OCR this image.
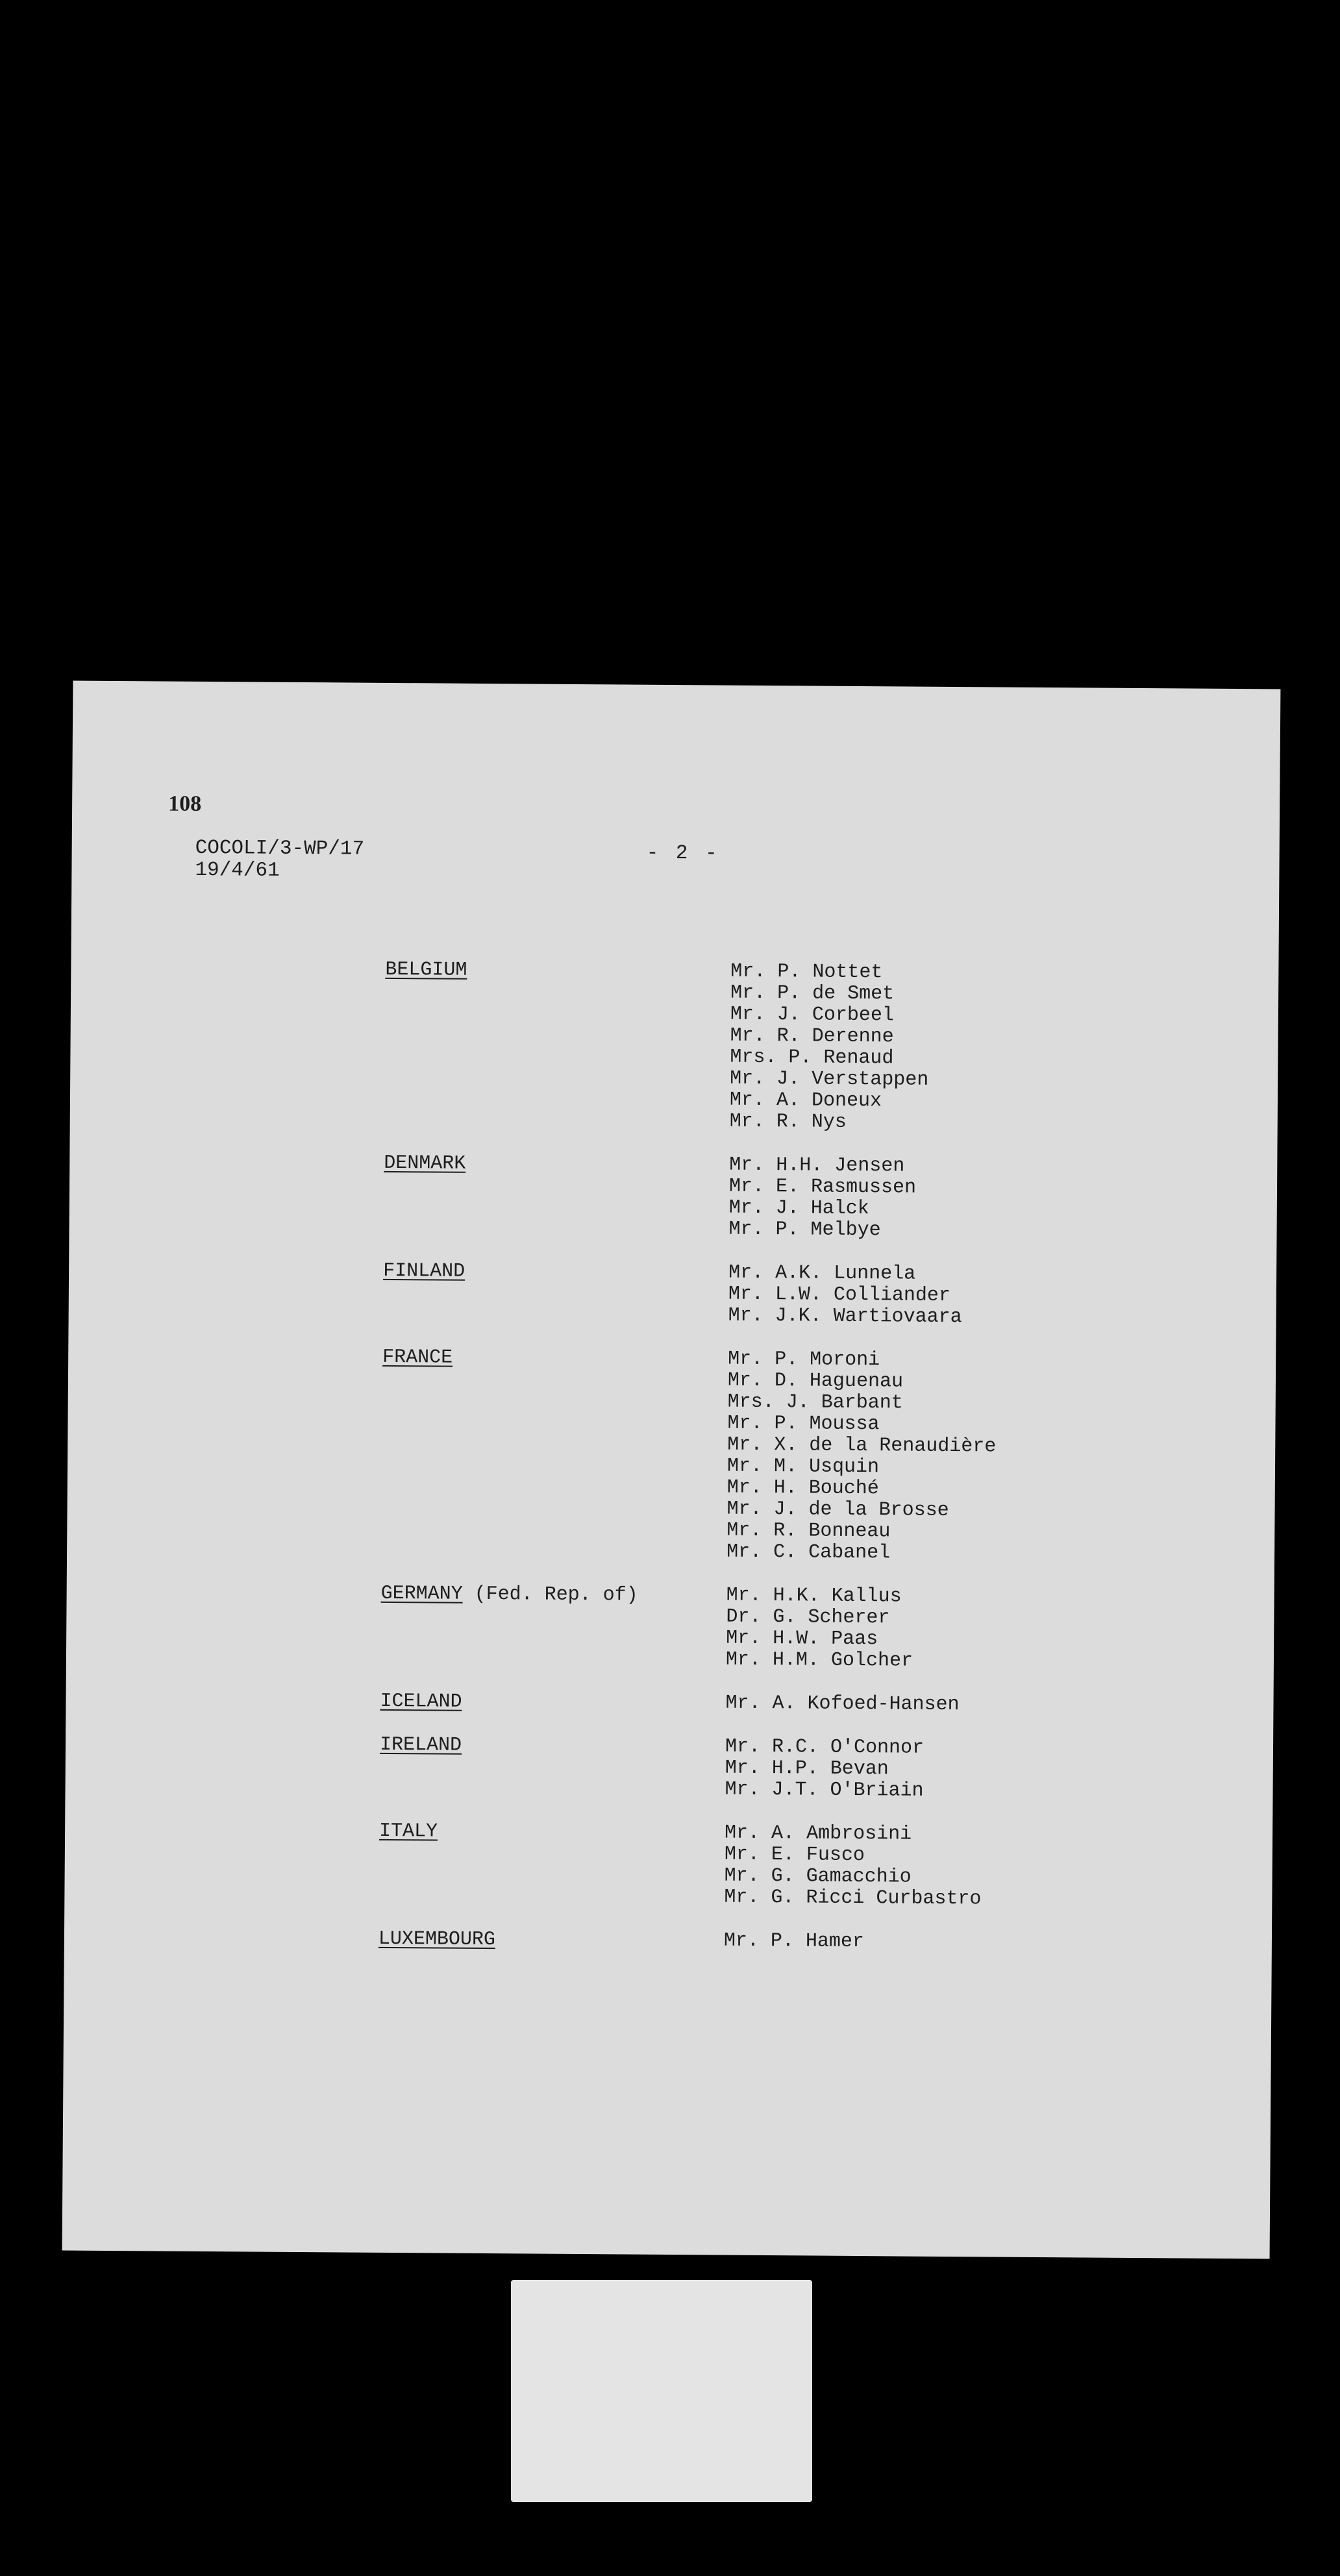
108
COCOLI/3-WP/17
19/4/61
- 2 -
BELGIUM	Mr. P. Nottet
Mr. P. de Smet
Mr. J. Corbeel
Mr. R. Derenne
Mrs. P. Renaud
Mr. J. Verstappen
Mr. A. Doneux
Mr. R. Nys
DENMARK	Mr. H.H. Jensen
Mr. E. Rasmussen
Mr. J. Halck
Mr. P. Melbye
FINLAND	Mr. A.K. Lunnela
Mr. L.W. Colliander
Mr. J.K. Wartiovaara
FRANCE	Mr. P. Moroni
Mr. D. Haguenau
Mrs. J. Barbant
Mr. P. Moussa
Mr. X. de la Renaudière
Mr. M. Usquin
Mr. H. Bouché
Mr. J. de la Brosse
Mr. R. Bonneau
Mr. C. Cabanel
GERMANY (Fed. Rep. of)	Mr. H.K. Kallus
Dr. G. Scherer
Mr. H.W. Paas
Mr. H.M. Golcher
ICELAND	Mr. A. Kofoed-Hansen
IRELAND	Mr. R.C. O'Connor
Mr. H.P. Bevan
Mr. J.T. O'Briain
ITALY	Mr. A. Ambrosini
Mr. E. Fusco
Mr. G. Gamacchio
Mr. G. Ricci Curbastro
LUXEMBOURG	Mr. P. Hamer
